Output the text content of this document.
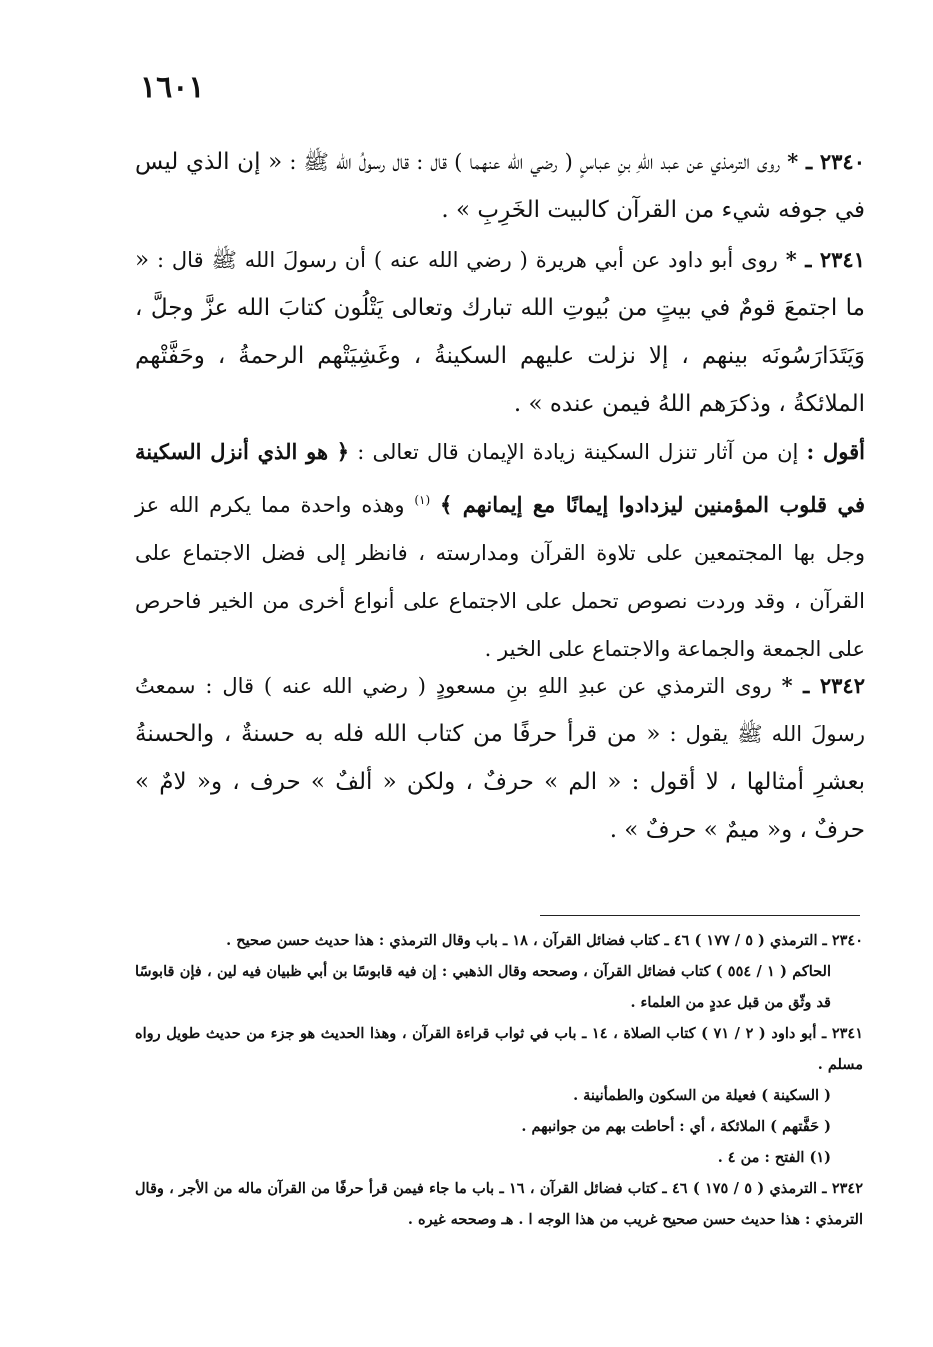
١٦٠١
٢٣٤٠ ـ * روى الترمذي عن عبد اللهِ بنِ عباسٍ ( رضي الله عنهما ) قال : قال رسولُ الله ﷺ : « إن الذي ليس في جوفه شيء من القرآن كالبيت الخَرِبِ » .
٢٣٤١ ـ * روى أبو داود عن أبي هريرة ( رضي الله عنه ) أن رسولَ الله ﷺ قال : « ما اجتمعَ قومٌ في بيتٍ من بُيوتِ الله تبارك وتعالى يَتْلُون كتابَ الله عزَّ وجلَّ ، وَيَتَدَارَسُونَه بينهم ، إلا نزلت عليهم السكينةُ ، وغَشِيَتْهم الرحمةُ ، وحَفَّتْهم الملائكةُ ، وذكرَهم اللهُ فيمن عنده » .
أقول : إن من آثار تنزل السكينة زيادة الإيمان قال تعالى : ﴿ هو الذي أنزل السكينة في قلوب المؤمنين ليزدادوا إيمانًا مع إيمانهم ﴾ $^{(١)}$ وهذه واحدة مما يكرم الله عز وجل بها المجتمعين على تلاوة القرآن ومدارسته ، فانظر إلى فضل الاجتماع على القرآن ، وقد وردت نصوص تحمل على الاجتماع على أنواع أخرى من الخير فاحرص على الجمعة والجماعة والاجتماع على الخير .
٢٣٤٢ ـ * روى الترمذي عن عبدِ اللهِ بنِ مسعودٍ ( رضي الله عنه ) قال : سمعتُ رسولَ الله ﷺ يقول : « من قرأ حرفًا من كتاب الله فله به حسنةٌ ، والحسنةُ بعشرِ أمثالها ، لا أقول : « الم » حرفٌ ، ولكن « ألفٌ » حرف ، و« لامٌ » حرفٌ ، و« ميمٌ » حرفٌ » .
٢٣٤٠ ـ الترمذي ( ٥ / ١٧٧ ) ٤٦ ـ كتاب فضائل القرآن ، ١٨ ـ باب وقال الترمذي : هذا حديث حسن صحيح .
الحاكم ( ١ / ٥٥٤ ) كتاب فضائل القرآن ، وصححه وقال الذهبي : إن فيه قابوسًا بن أبي ظبيان فيه لين ، فإن قابوسًا قد وثّق من قبل عددٍ من العلماء .
٢٣٤١ ـ أبو داود ( ٢ / ٧١ ) كتاب الصلاة ، ١٤ ـ باب في ثواب قراءة القرآن ، وهذا الحديث هو جزء من حديث طويل رواه مسلم .
( السكينة ) فعيلة من السكون والطمأنينة .
( حَفَّتهم ) الملائكة ، أي : أحاطت بهم من جوانبهم .
(١) الفتح : من ٤ .
٢٣٤٢ ـ الترمذي ( ٥ / ١٧٥ ) ٤٦ ـ كتاب فضائل القرآن ، ١٦ ـ باب ما جاء فيمن قرأ حرفًا من القرآن ماله من الأجر ، وقال الترمذي : هذا حديث حسن صحيح غريب من هذا الوجه ا . هـ وصححه غيره .
